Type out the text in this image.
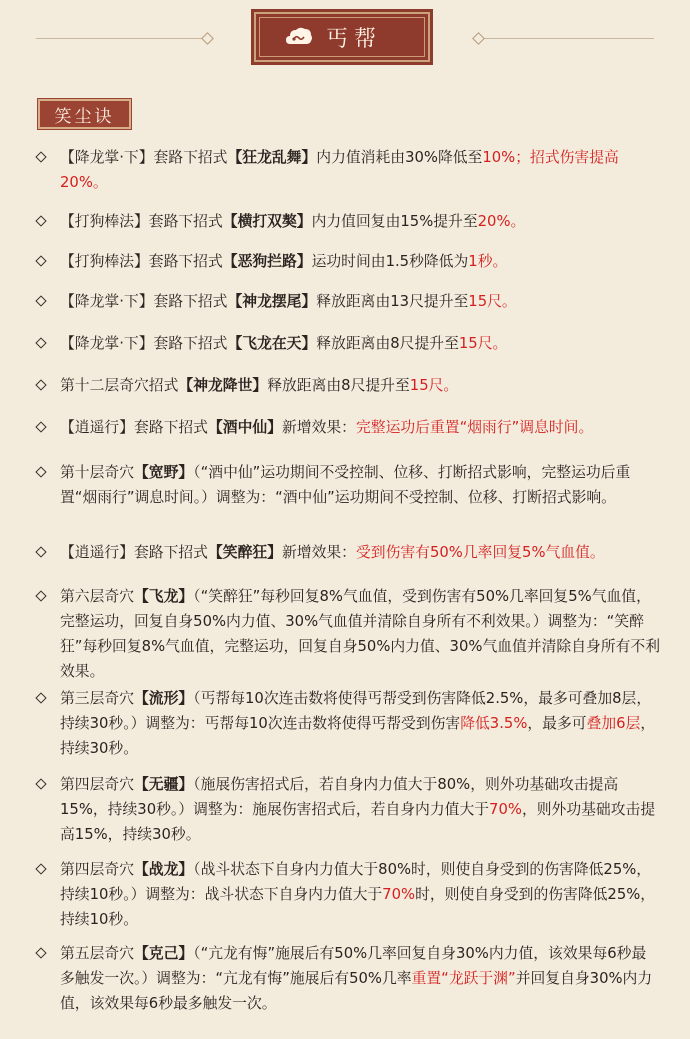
丐帮
笑尘诀
【降龙掌·下】套路下招式【狂龙乱舞】内力值消耗由30%降低至10%；招式伤害提高20%。
【打狗棒法】套路下招式【横打双獒】内力值回复由15%提升至20%。
【打狗棒法】套路下招式【恶狗拦路】运功时间由1.5秒降低为1秒。
【降龙掌·下】套路下招式【神龙摆尾】释放距离由13尺提升至15尺。
【降龙掌·下】套路下招式【飞龙在天】释放距离由8尺提升至15尺。
第十二层奇穴招式【神龙降世】释放距离由8尺提升至15尺。
【逍遥行】套路下招式【酒中仙】新增效果：完整运功后重置“烟雨行”调息时间。
第十层奇穴【宽野】（“酒中仙”运功期间不受控制、位移、打断招式影响，完整运功后重置“烟雨行”调息时间。）调整为：“酒中仙”运功期间不受控制、位移、打断招式影响。
【逍遥行】套路下招式【笑醉狂】新增效果：受到伤害有50%几率回复5%气血值。
第六层奇穴【飞龙】（“笑醉狂”每秒回复8%气血值，受到伤害有50%几率回复5%气血值，完整运功，回复自身50%内力值、30%气血值并清除自身所有不利效果。）调整为：“笑醉狂”每秒回复8%气血值，完整运功，回复自身50%内力值、30%气血值并清除自身所有不利效果。
第三层奇穴【流形】（丐帮每10次连击数将使得丐帮受到伤害降低2.5%，最多可叠加8层，持续30秒。）调整为：丐帮每10次连击数将使得丐帮受到伤害降低3.5%，最多可叠加6层，持续30秒。
第四层奇穴【无疆】（施展伤害招式后，若自身内力值大于80%，则外功基础攻击提高15%，持续30秒。）调整为：施展伤害招式后，若自身内力值大于70%，则外功基础攻击提高15%，持续30秒。
第四层奇穴【战龙】（战斗状态下自身内力值大于80%时，则使自身受到的伤害降低25%，持续10秒。）调整为：战斗状态下自身内力值大于70%时，则使自身受到的伤害降低25%，持续10秒。
第五层奇穴【克己】（“亢龙有悔”施展后有50%几率回复自身30%内力值，该效果每6秒最多触发一次。）调整为：“亢龙有悔”施展后有50%几率重置“龙跃于渊”并回复自身30%内力值，该效果每6秒最多触发一次。
